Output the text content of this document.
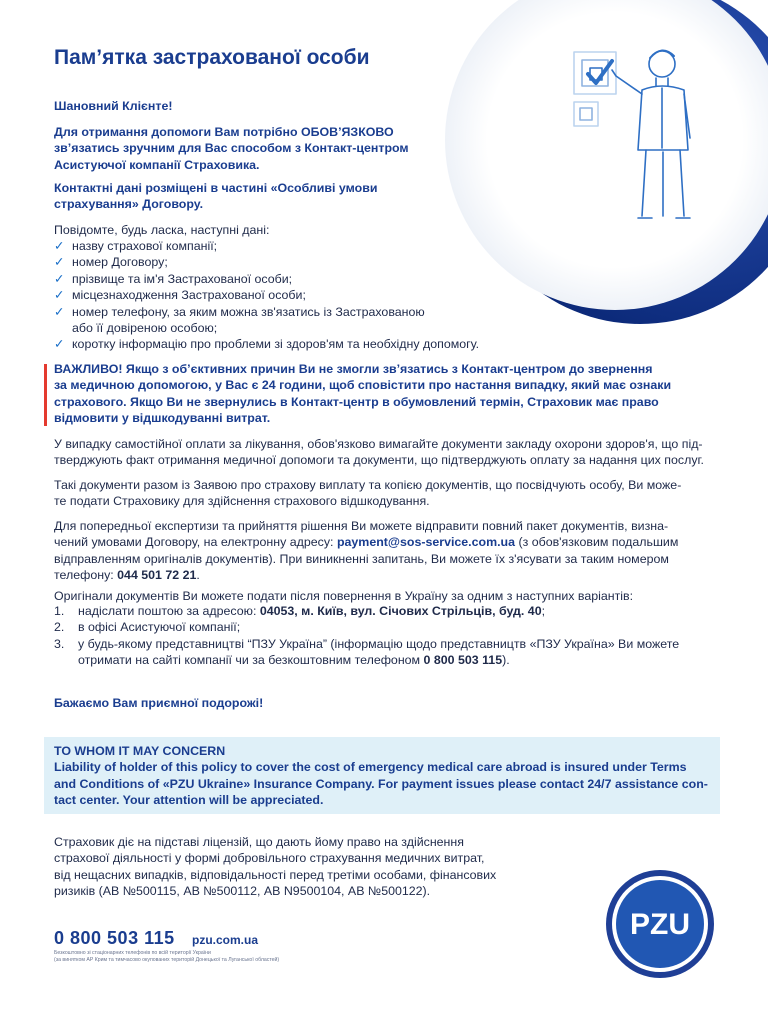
Пам’ятка застрахованої особи

Шановний Клієнте!

Для отримання допомоги Вам потрібно ОБОВ’ЯЗКОВО
зв’язатись зручним для Вас способом з Контакт-центром
Асистуючої компанії Страховика.
Контактні дані розміщені в частині «Особливі умови
страхування» Договору.

Повідомте, будь ласка, наступні дані:

✓ назву страхової компанії;
✓ номер Договору;
✓ прізвище та ім'я Застрахованої особи;
✓ місцезнаходження Застрахованої особи;
✓ номер телефону, за яким можна зв'язатись із Застрахованою
або її довіреною особою;
✓ коротку інформацію про проблеми зі здоров'ям та необхідну допомогу.
ВАЖЛИВО! Якщо з об’єктивних причин Ви не змогли зв’язатись з Контакт-центром до звернення
за медичною допомогою, у Вас є 24 години, щоб сповістити про настання випадку, який має ознаки
страхового. Якщо Ви не звернулись в Контакт-центр в обумовлений термін, Страховик має право
відмовити у відшкодуванні витрат.
У випадку самостійної оплати за лікування, обов'язково вимагайте документи закладу охорони здоров'я, що під-
тверджують факт отримання медичної допомоги та документи, що підтверджують оплату за надання цих послуг.
Такі документи разом із Заявою про страхову виплату та копією документів, що посвідчують особу, Ви може-
те подати Страховику для здійснення страхового відшкодування.
Для попередньої експертизи та прийняття рішення Ви можете відправити повний пакет документів, визна-
чений умовами Договору, на електронну адресу: payment@sos-service.com.ua (з обов'язковим подальшим
відправленням оригіналів документів). При виникненні запитань, Ви можете їх з'ясувати за таким номером
телефону: 044 501 72 21.

Оригінали документів Ви можете подати після повернення в Україну за одним з наступних варіантів:

1. надіслати поштою за адресою: 04053, м. Київ, вул. Січових Стрільців, буд. 40;
2. в офісі Асистуючої компанії;
3. у будь-якому представництві “ПЗУ Україна” (інформацію щодо представництв «ПЗУ Україна» Ви можете
отримати на сайті компанії чи за безкоштовним телефоном 0 800 503 115).

Бажаємо Вам приємної подорожі!

TO WHOM IT MAY CONCERN
Liability of holder of this policy to cover the cost of emergency medical care abroad is insured under Terms
and Conditions of «PZU Ukraine» Insurance Company. For payment issues please contact 24/7 assistance con-
tact center. Your attention will be appreciated.
Страховик діє на підставі ліцензій, що дають йому право на здійснення
страхової діяльності у формі добровільного страхування медичних витрат,
від нещасних випадків, відповідальності перед третіми особами, фінансових
ризиків (АВ №500115, АВ №500112, АВ N9500104, АВ №500122).
0 800 503 115 pzu.com.ua
Безкоштовно зі стаціонарних телефонів по всій території України
(за винятком АР Крим та тимчасово окупованих територій Донецької та Луганської областей)
PZU
